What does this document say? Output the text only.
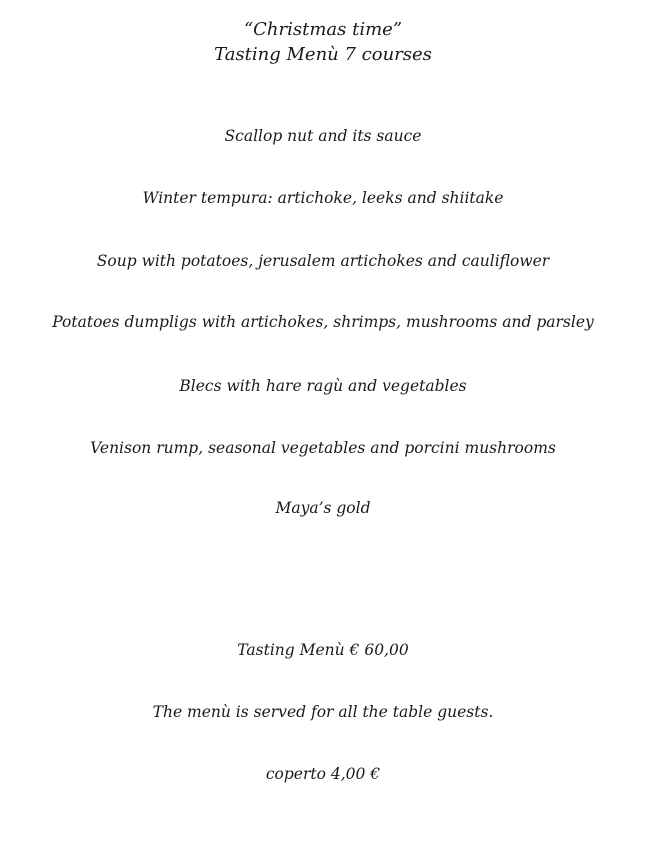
“Christmas time”
Tasting Menù 7 courses
Scallop nut and its sauce
Winter tempura: artichoke, leeks and shiitake
Soup with potatoes, jerusalem artichokes and cauliflower
Potatoes dumpligs with artichokes, shrimps, mushrooms and parsley
Blecs with hare ragù and vegetables
Venison rump, seasonal vegetables and porcini mushrooms
Maya’s gold
Tasting Menù € 60,00
The menù is served for all the table guests.
coperto 4,00 €
